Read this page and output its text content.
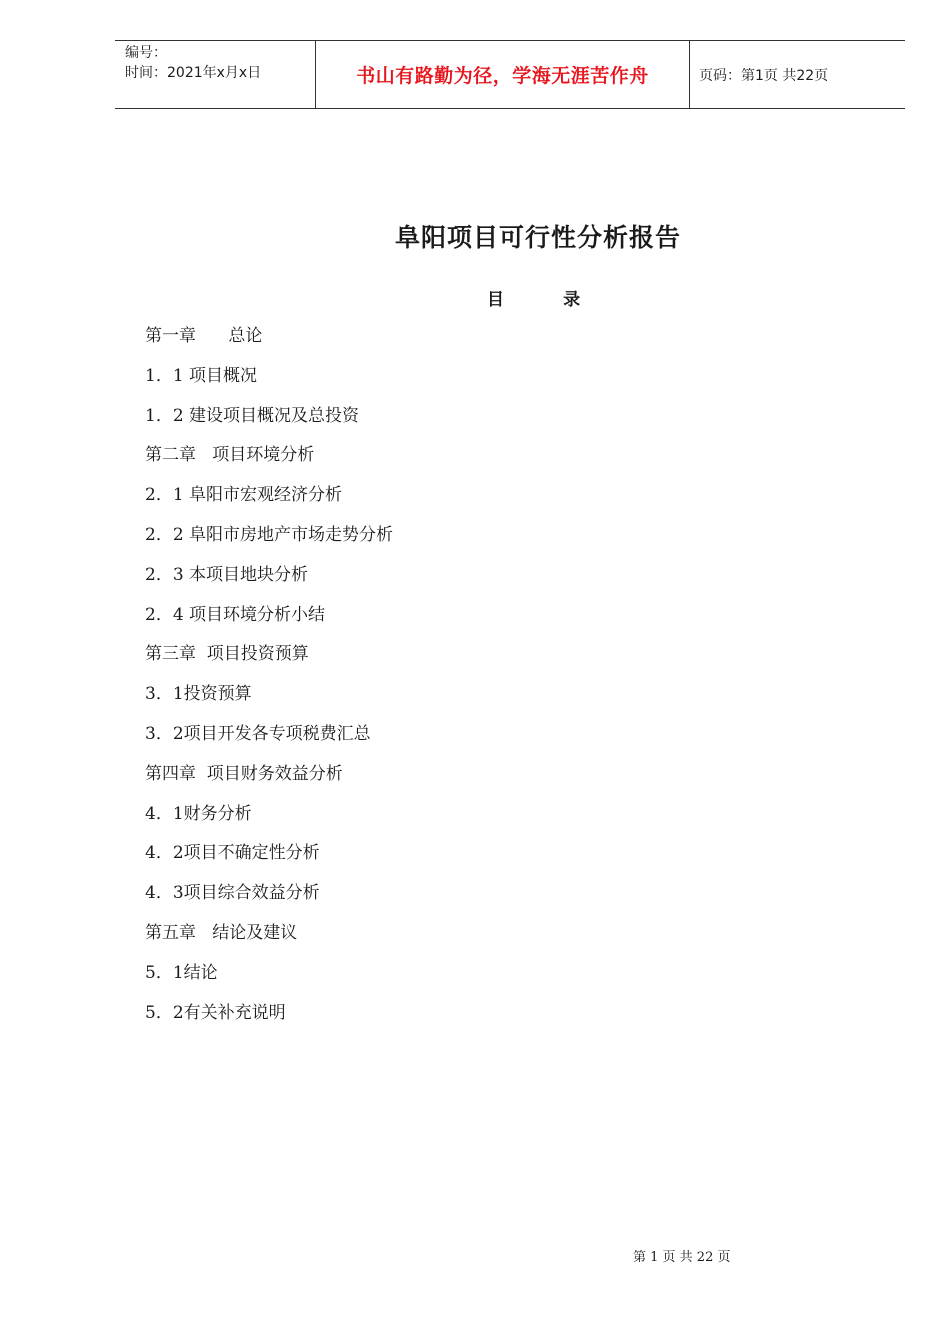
编号：
时间：2021年x月x日	书山有路勤为径，学海无涯苦作舟	页码：第1页 共22页
阜阳项目可行性分析报告
目          录
第一章      总论
1．1 项目概况
1．2 建设项目概况及总投资
第二章   项目环境分析
2．1 阜阳市宏观经济分析
2．2 阜阳市房地产市场走势分析
2．3 本项目地块分析
2．4 项目环境分析小结
第三章  项目投资预算
3．1投资预算
3．2项目开发各专项税费汇总
第四章  项目财务效益分析
4．1财务分析
4．2项目不确定性分析
4．3项目综合效益分析
第五章   结论及建议
5．1结论
5．2有关补充说明
第 1 页 共 22 页
